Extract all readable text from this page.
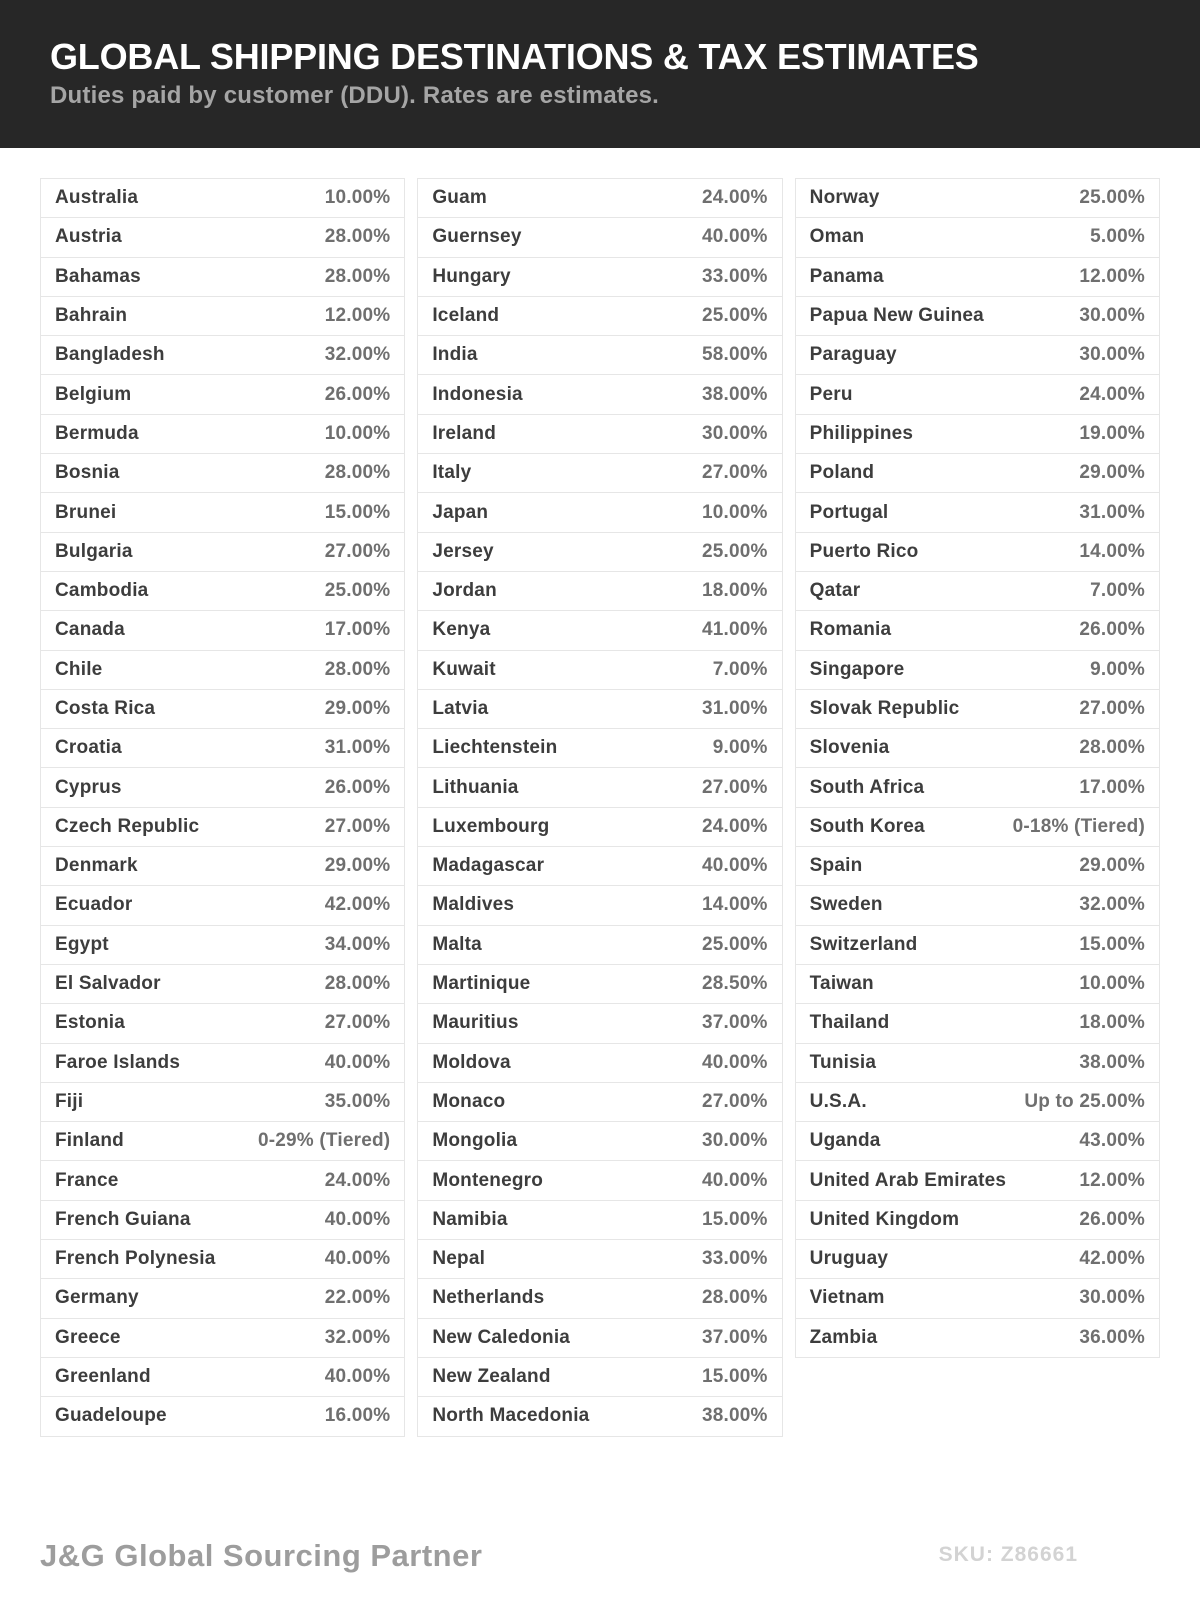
GLOBAL SHIPPING DESTINATIONS & TAX ESTIMATES

Duties paid by customer (DDU). Rates are estimates.

Australia	10.00%
Austria	28.00%
Bahamas	28.00%
Bahrain	12.00%
Bangladesh	32.00%
Belgium	26.00%
Bermuda	10.00%
Bosnia	28.00%
Brunei	15.00%
Bulgaria	27.00%
Cambodia	25.00%
Canada	17.00%
Chile	28.00%
Costa Rica	29.00%
Croatia	31.00%
Cyprus	26.00%
Czech Republic	27.00%
Denmark	29.00%
Ecuador	42.00%
Egypt	34.00%
El Salvador	28.00%
Estonia	27.00%
Faroe Islands	40.00%
Fiji	35.00%
Finland	0-29% (Tiered)
France	24.00%
French Guiana	40.00%
French Polynesia	40.00%
Germany	22.00%
Greece	32.00%
Greenland	40.00%
Guadeloupe	16.00%
Guam	24.00%
Guernsey	40.00%
Hungary	33.00%
Iceland	25.00%
India	58.00%
Indonesia	38.00%
Ireland	30.00%
Italy	27.00%
Japan	10.00%
Jersey	25.00%
Jordan	18.00%
Kenya	41.00%
Kuwait	7.00%
Latvia	31.00%
Liechtenstein	9.00%
Lithuania	27.00%
Luxembourg	24.00%
Madagascar	40.00%
Maldives	14.00%
Malta	25.00%
Martinique	28.50%
Mauritius	37.00%
Moldova	40.00%
Monaco	27.00%
Mongolia	30.00%
Montenegro	40.00%
Namibia	15.00%
Nepal	33.00%
Netherlands	28.00%
New Caledonia	37.00%
New Zealand	15.00%
North Macedonia	38.00%
Norway	25.00%
Oman	5.00%
Panama	12.00%
Papua New Guinea	30.00%
Paraguay	30.00%
Peru	24.00%
Philippines	19.00%
Poland	29.00%
Portugal	31.00%
Puerto Rico	14.00%
Qatar	7.00%
Romania	26.00%
Singapore	9.00%
Slovak Republic	27.00%
Slovenia	28.00%
South Africa	17.00%
South Korea	0-18% (Tiered)
Spain	29.00%
Sweden	32.00%
Switzerland	15.00%
Taiwan	10.00%
Thailand	18.00%
Tunisia	38.00%
U.S.A.	Up to 25.00%
Uganda	43.00%
United Arab Emirates	12.00%
United Kingdom	26.00%
Uruguay	42.00%
Vietnam	30.00%
Zambia	36.00%
J&G Global Sourcing Partner	SKU: Z86661
